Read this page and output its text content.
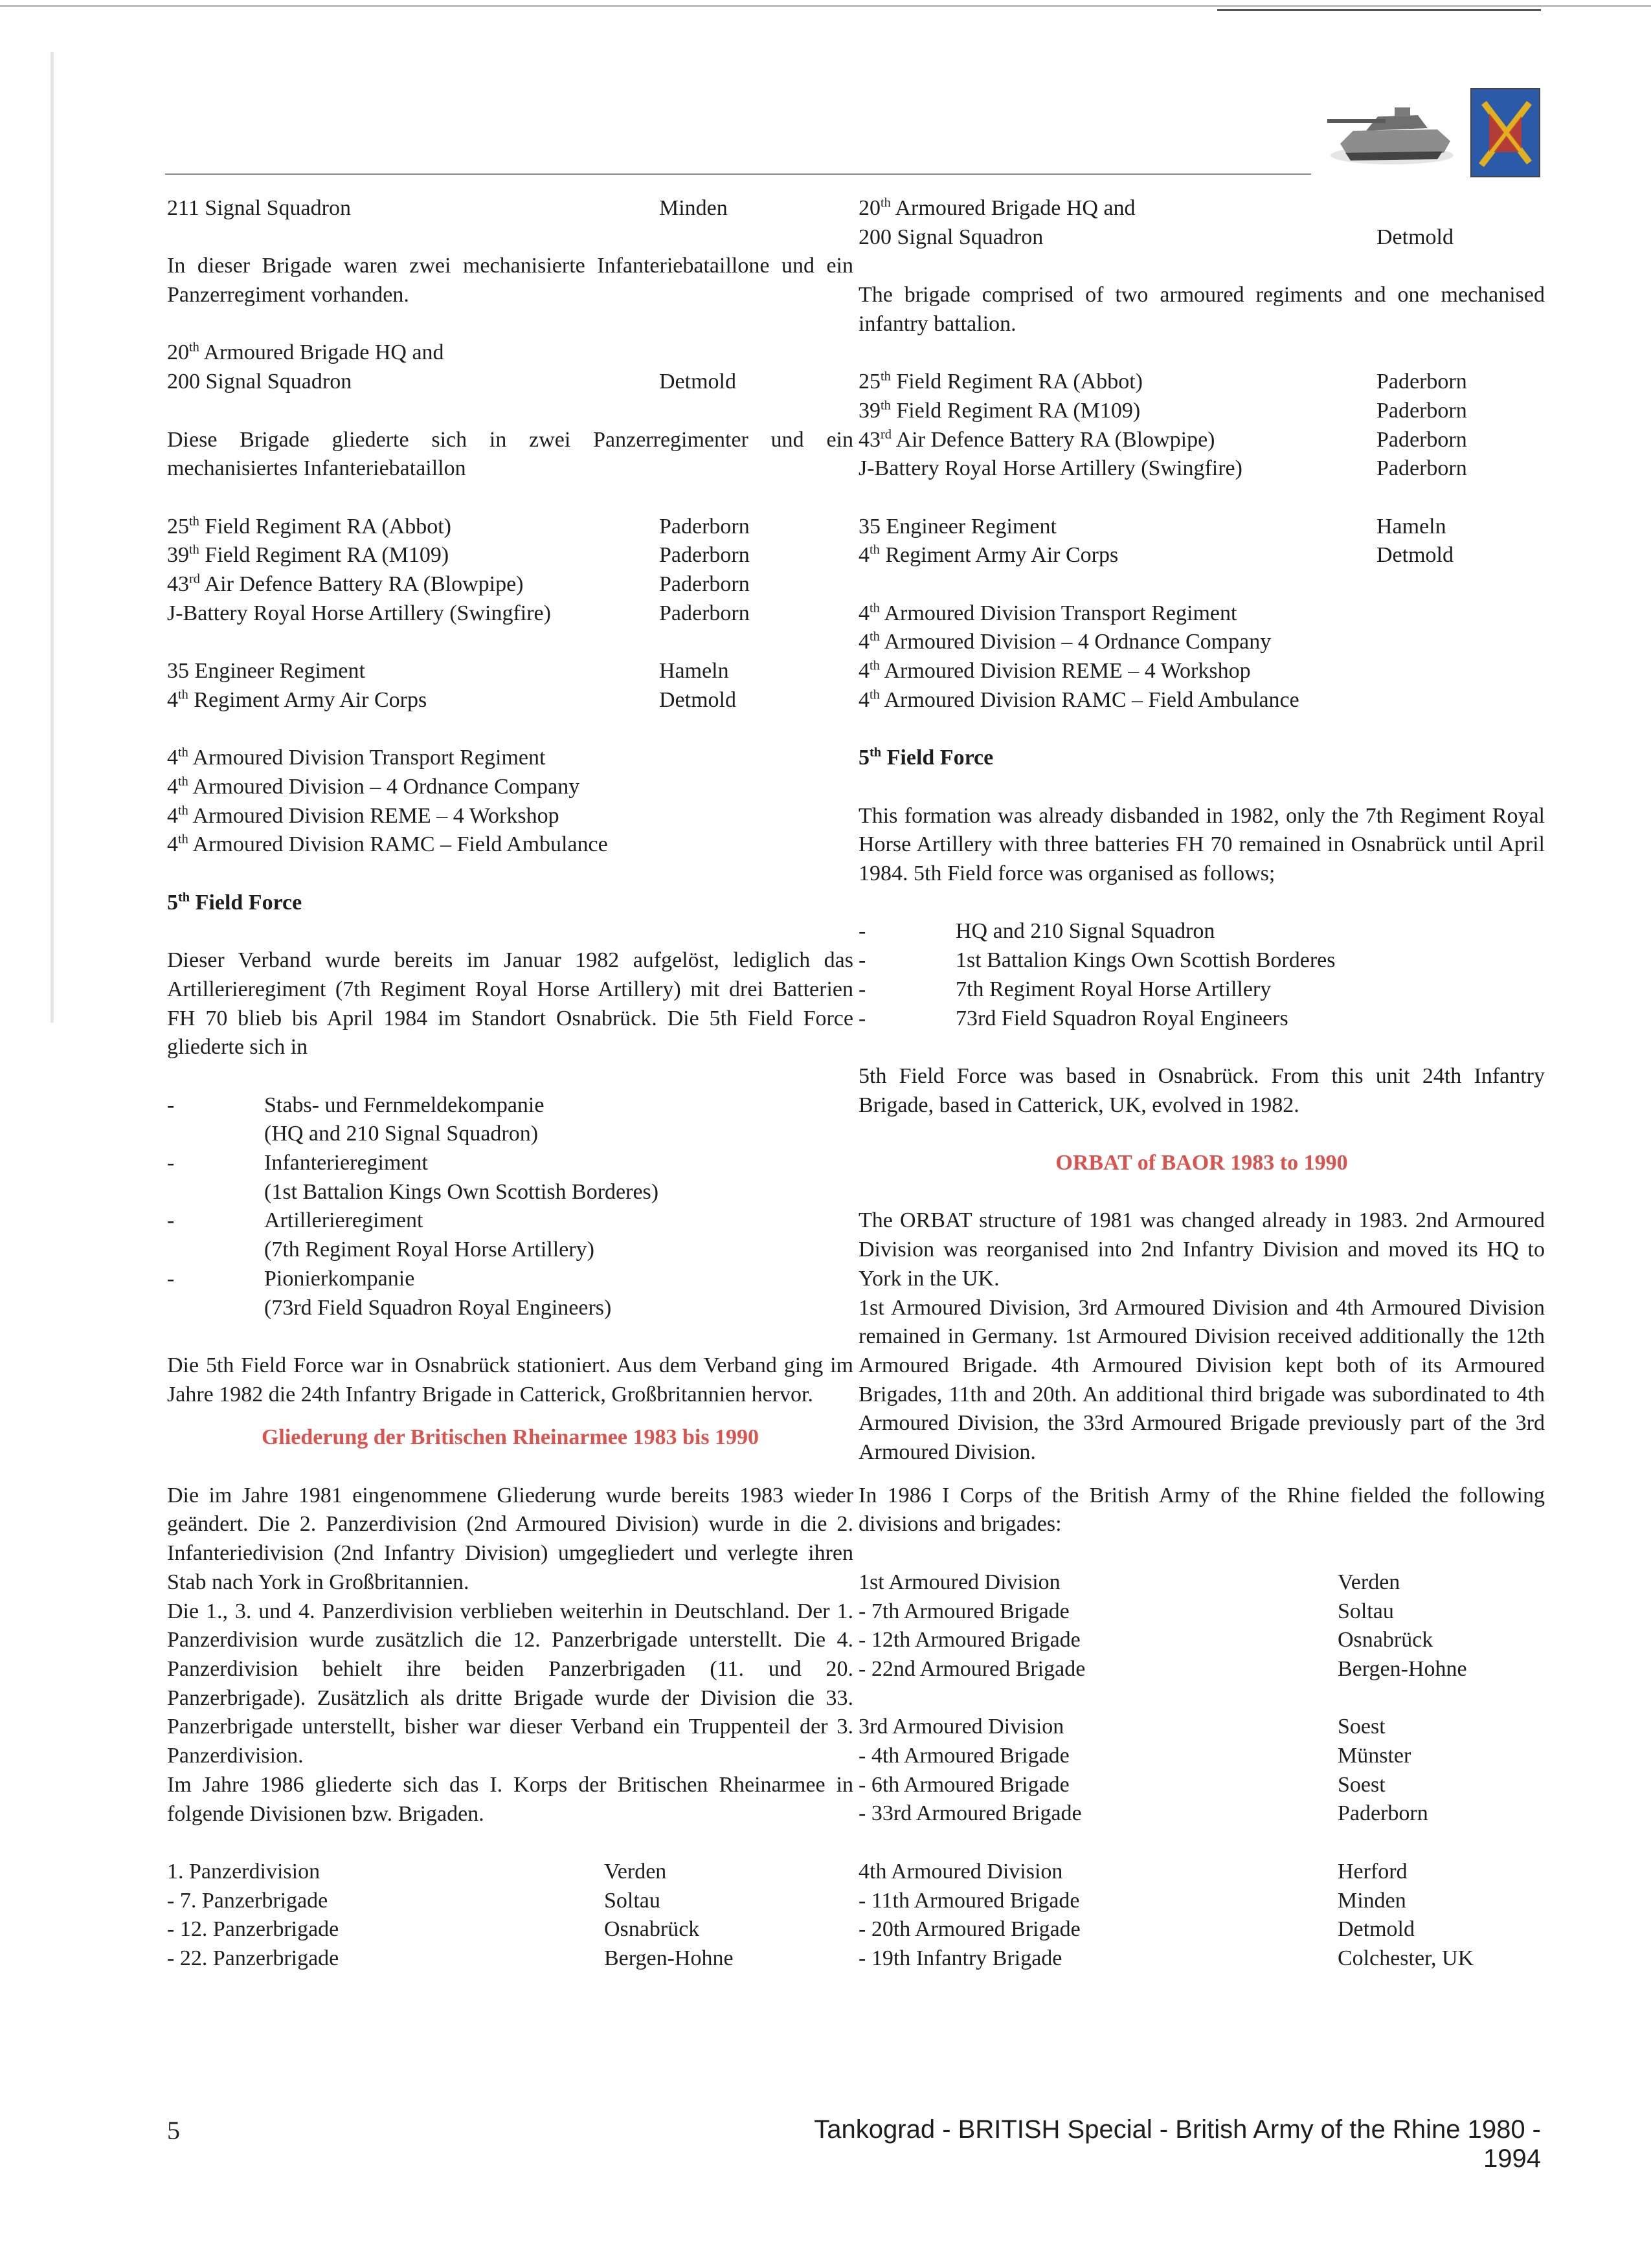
211 Signal Squadron	Minden

In dieser Brigade waren zwei mechanisierte Infanteriebataillone und ein Panzerregiment vorhanden.

20th Armoured Brigade HQ and
200 Signal Squadron	Detmold

Diese Brigade gliederte sich in zwei Panzerregimenter und ein mechanisiertes Infanteriebataillon

25th Field Regiment RA (Abbot)	Paderborn
39th Field Regiment RA (M109)	Paderborn
43rd Air Defence Battery RA (Blowpipe)	Paderborn
J-Battery Royal Horse Artillery (Swingfire)	Paderborn
35 Engineer Regiment	Hameln
4th Regiment Army Air Corps	Detmold
4th Armoured Division Transport Regiment
4th Armoured Division – 4 Ordnance Company
4th Armoured Division REME – 4 Workshop
4th Armoured Division RAMC – Field Ambulance
5th Field Force

Dieser Verband wurde bereits im Januar 1982 aufgelöst, lediglich das Artillerieregiment (7th Regiment Royal Horse Artillery) mit drei Batterien FH 70 blieb bis April 1984 im Standort Osnabrück. Die 5th Field Force gliederte sich in

-	Stabs- und Fernmeldekompanie
(HQ and 210 Signal Squadron)
-	Infanterieregiment
(1st Battalion Kings Own Scottish Borderes)
-	Artillerieregiment
(7th Regiment Royal Horse Artillery)
-	Pionierkompanie
(73rd Field Squadron Royal Engineers)

Die 5th Field Force war in Osnabrück stationiert. Aus dem Verband ging im Jahre 1982 die 24th Infantry Brigade in Catterick, Großbritannien hervor.

Gliederung der Britischen Rheinarmee 1983 bis 1990

Die im Jahre 1981 eingenommene Gliederung wurde bereits 1983 wieder geändert. Die 2. Panzerdivision (2nd Armoured Division) wurde in die 2. Infanteriedivision (2nd Infantry Division) umgegliedert und verlegte ihren Stab nach York in Großbritannien.

Die 1., 3. und 4. Panzerdivision verblieben weiterhin in Deutschland. Der 1. Panzerdivision wurde zusätzlich die 12. Panzerbrigade unterstellt. Die 4. Panzerdivision behielt ihre beiden Panzerbrigaden (11. und 20. Panzerbrigade). Zusätzlich als dritte Brigade wurde der Division die 33. Panzerbrigade unterstellt, bisher war dieser Verband ein Truppenteil der 3. Panzerdivision.

Im Jahre 1986 gliederte sich das I. Korps der Britischen Rheinarmee in folgende Divisionen bzw. Brigaden.

1. Panzerdivision	Verden
- 7. Panzerbrigade	Soltau
- 12. Panzerbrigade	Osnabrück
- 22. Panzerbrigade	Bergen-Hohne
20th Armoured Brigade HQ and
200 Signal Squadron	Detmold

The brigade comprised of two armoured regiments and one mechanised infantry battalion.

25th Field Regiment RA (Abbot)	Paderborn
39th Field Regiment RA (M109)	Paderborn
43rd Air Defence Battery RA (Blowpipe)	Paderborn
J-Battery Royal Horse Artillery (Swingfire)	Paderborn
35 Engineer Regiment	Hameln
4th Regiment Army Air Corps	Detmold
4th Armoured Division Transport Regiment
4th Armoured Division – 4 Ordnance Company
4th Armoured Division REME – 4 Workshop
4th Armoured Division RAMC – Field Ambulance
5th Field Force

This formation was already disbanded in 1982, only the 7th Regiment Royal Horse Artillery with three batteries FH 70 remained in Osnabrück until April 1984. 5th Field force was organised as follows;

-	HQ and 210 Signal Squadron
-	1st Battalion Kings Own Scottish Borderes
-	7th Regiment Royal Horse Artillery
-	73rd Field Squadron Royal Engineers

5th Field Force was based in Osnabrück. From this unit 24th Infantry Brigade, based in Catterick, UK, evolved in 1982.

ORBAT of BAOR 1983 to 1990

The ORBAT structure of 1981 was changed already in 1983. 2nd Armoured Division was reorganised into 2nd Infantry Division and moved its HQ to York in the UK.

1st Armoured Division, 3rd Armoured Division and 4th Armoured Division remained in Germany. 1st Armoured Division received additionally the 12th Armoured Brigade. 4th Armoured Division kept both of its Armoured Brigades, 11th and 20th. An additional third brigade was subordinated to 4th Armoured Division, the 33rd Armoured Brigade previously part of the 3rd Armoured Division.

In 1986 I Corps of the British Army of the Rhine fielded the following divisions and brigades:

1st Armoured Division	Verden
- 7th Armoured Brigade	Soltau
- 12th Armoured Brigade	Osnabrück
- 22nd Armoured Brigade	Bergen-Hohne
3rd Armoured Division	Soest
- 4th Armoured Brigade	Münster
- 6th Armoured Brigade	Soest
- 33rd Armoured Brigade	Paderborn
4th Armoured Division	Herford
- 11th Armoured Brigade	Minden
- 20th Armoured Brigade	Detmold
- 19th Infantry Brigade	Colchester, UK
5	Tankograd - BRITISH Special - British Army of the Rhine 1980 - 1994
